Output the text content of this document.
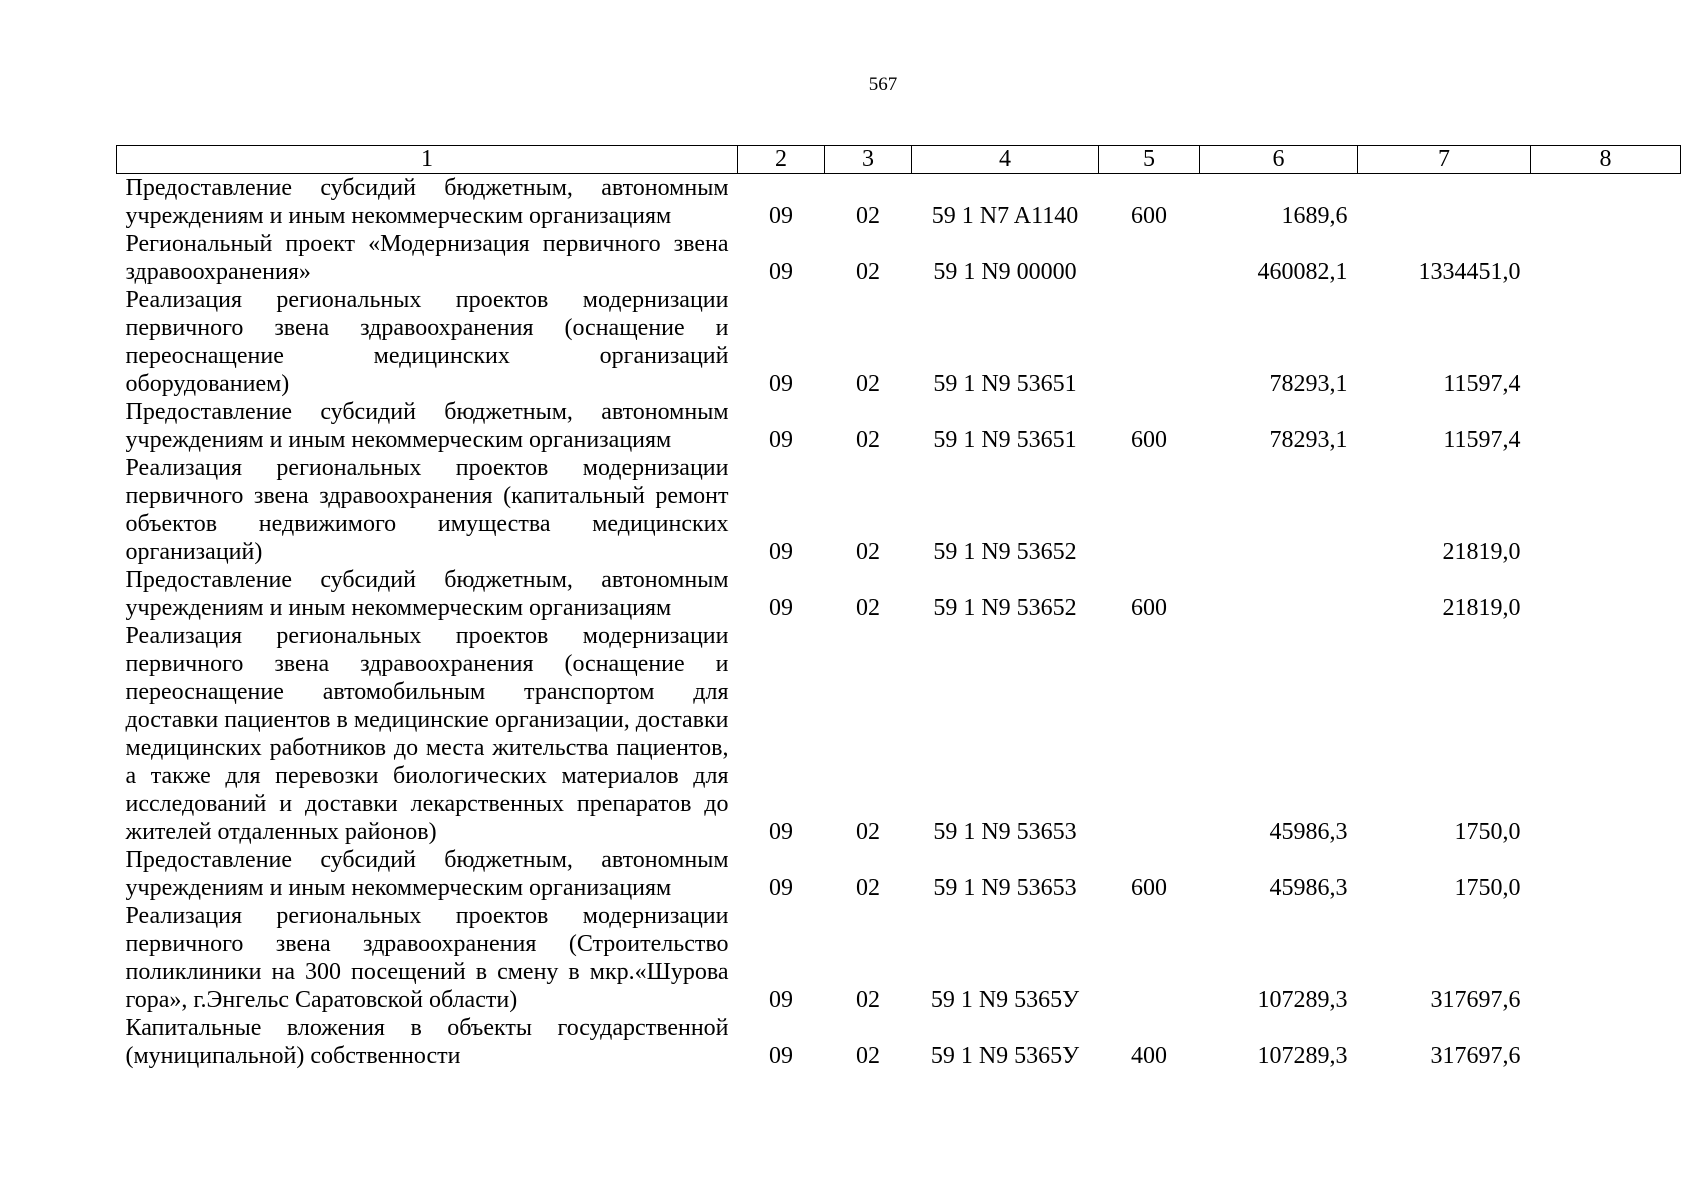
567
1	2	3	4	5	6	7	8
Предоставление субсидий бюджетным, автономным учреждениям и иным некоммерческим организациям	09	02	59 1 N7 A1140	600	1689,6		
Региональный проект «Модернизация первичного звена здравоохранения»	09	02	59 1 N9 00000		460082,1	1334451,0	
Реализация региональных проектов модернизации первичного звена здравоохранения (оснащение и переоснащение медицинских организаций оборудованием)	09	02	59 1 N9 53651		78293,1	11597,4	
Предоставление субсидий бюджетным, автономным учреждениям и иным некоммерческим организациям	09	02	59 1 N9 53651	600	78293,1	11597,4	
Реализация региональных проектов модернизации первичного звена здравоохранения (капитальный ремонт объектов недвижимого имущества медицинских организаций)	09	02	59 1 N9 53652			21819,0	
Предоставление субсидий бюджетным, автономным учреждениям и иным некоммерческим организациям	09	02	59 1 N9 53652	600		21819,0	
Реализация региональных проектов модернизации первичного звена здравоохранения (оснащение и переоснащение автомобильным транспортом для доставки пациентов в медицинские организации, доставки медицинских работников до места жительства пациентов, а также для перевозки биологических материалов для исследований и доставки лекарственных препаратов до жителей отдаленных районов)	09	02	59 1 N9 53653		45986,3	1750,0	
Предоставление субсидий бюджетным, автономным учреждениям и иным некоммерческим организациям	09	02	59 1 N9 53653	600	45986,3	1750,0	
Реализация региональных проектов модернизации первичного звена здравоохранения (Строительство поликлиники на 300 посещений в смену в мкр.«Шурова гора», г.Энгельс Саратовской области)	09	02	59 1 N9 5365У		107289,3	317697,6	
Капитальные вложения в объекты государственной (муниципальной) собственности	09	02	59 1 N9 5365У	400	107289,3	317697,6	
